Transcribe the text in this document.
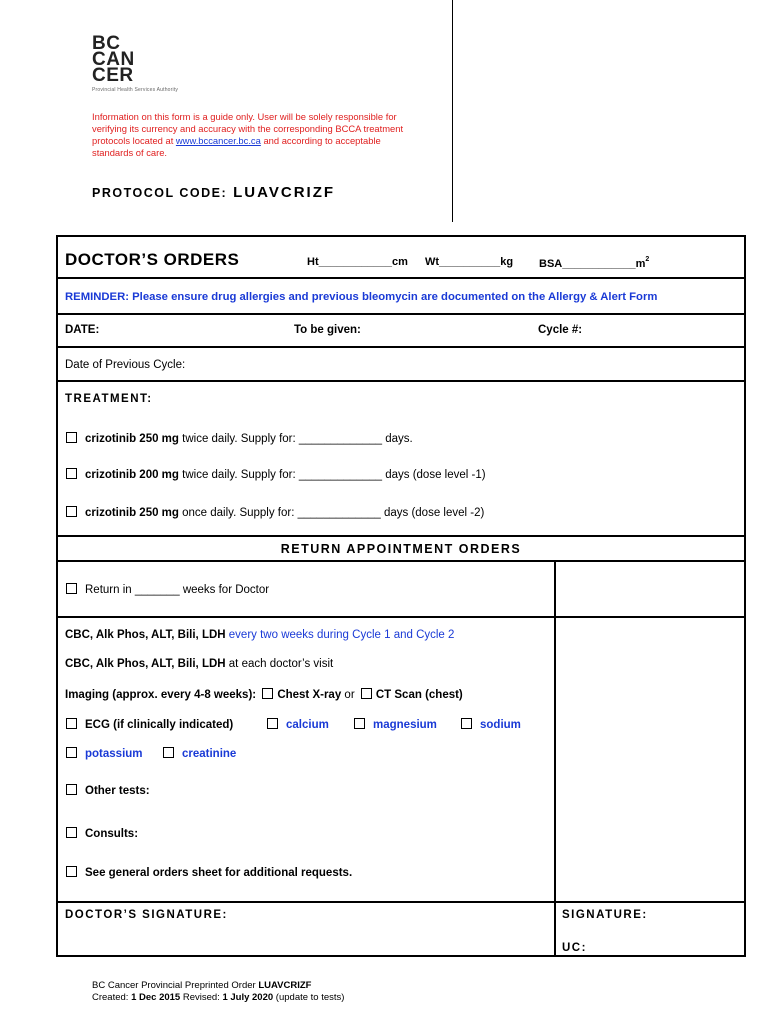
BC
CAN
CER
Provincial Health Services Authority
Information on this form is a guide only. User will be solely responsible for verifying its currency and accuracy with the corresponding BCCA treatment protocols located at www.bccancer.bc.ca and according to acceptable standards of care.
PROTOCOL CODE: LUAVCRIZF
DOCTOR’S ORDERS	Ht____________cm Wt__________kg $BSA\_\_\_\_\_\_\_\_\_\_\_\_m^2$
REMINDER: Please ensure drug allergies and previous bleomycin are documented on the Allergy & Alert Form
DATE:	To be given:	Cycle #:
Date of Previous Cycle:
TREATMENT:
crizotinib 250 mg twice daily. Supply for: _____________ days.
crizotinib 200 mg twice daily. Supply for: _____________ days (dose level -1)
crizotinib 250 mg once daily. Supply for: _____________ days (dose level -2)
RETURN APPOINTMENT ORDERS
Return in _______ weeks for Doctor
CBC, Alk Phos, ALT, Bili, LDH every two weeks during Cycle 1 and Cycle 2
CBC, Alk Phos, ALT, Bili, LDH at each doctor’s visit
Imaging (approx. every 4-8 weeks): Chest X-ray or CT Scan (chest)
ECG (if clinically indicated)	calcium	magnesium	sodium
potassium	creatinine
Other tests:
Consults:
See general orders sheet for additional requests.
DOCTOR’S SIGNATURE:	SIGNATURE:
UC:
BC Cancer Provincial Preprinted Order LUAVCRIZF
Created: 1 Dec 2015 Revised: 1 July 2020 (update to tests)
